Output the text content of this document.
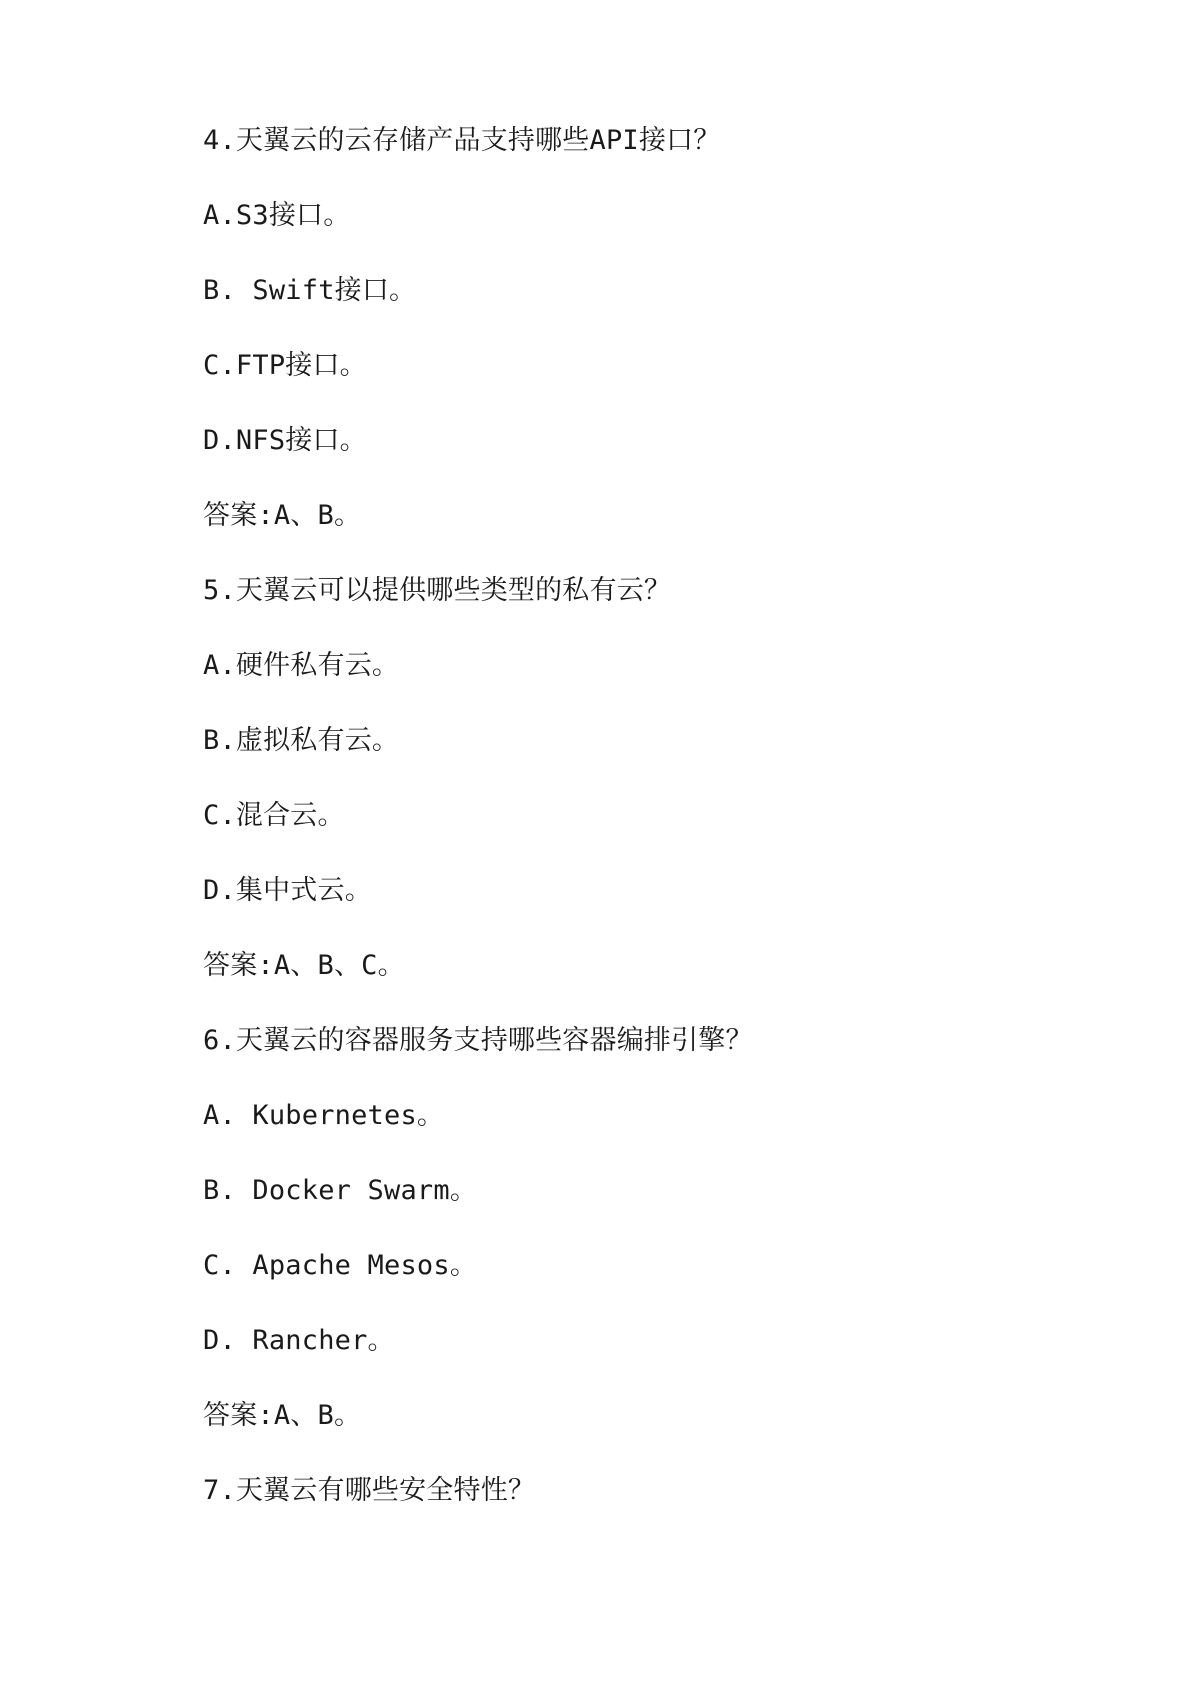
4.天翼云的云存储产品支持哪些API接口？
A.S3接口。
B. Swift接口。
C.FTP接口。
D.NFS接口。
答案:A、B。
5.天翼云可以提供哪些类型的私有云？
A.硬件私有云。
B.虚拟私有云。
C.混合云。
D.集中式云。
答案:A、B、C。
6.天翼云的容器服务支持哪些容器编排引擎？
A. Kubernetes。
B. Docker Swarm。
C. Apache Mesos。
D. Rancher。
答案:A、B。
7.天翼云有哪些安全特性？
